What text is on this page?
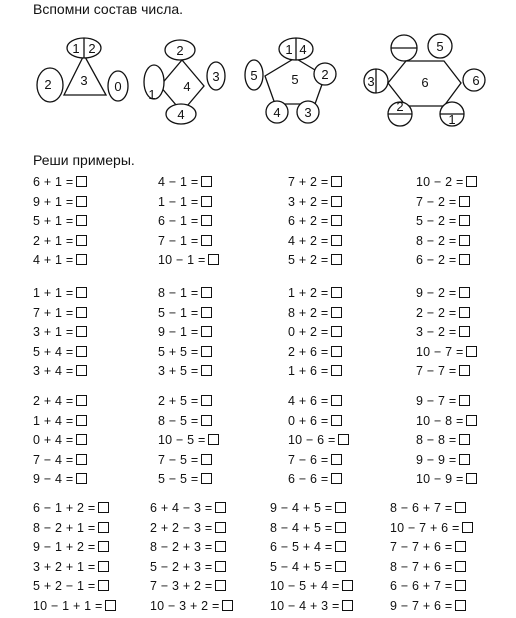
Вспомни состав числа.
3
1 2
2	0	4
2
3
4
1
5
1 4
2
3
4
5	6
5
6
1
2
3
Реши примеры.
6 + 1 =	4 − 1 =	7 + 2 =	10 − 2 =
9 + 1 =	1 − 1 =	3 + 2 =	7 − 2 =
5 + 1 =	6 − 1 =	6 + 2 =	5 − 2 =
2 + 1 =	7 − 1 =	4 + 2 =	8 − 2 =
4 + 1 =	10 − 1 =	5 + 2 =	6 − 2 =
1 + 1 =	8 − 1 =	1 + 2 =	9 − 2 =
7 + 1 =	5 − 1 =	8 + 2 =	2 − 2 =
3 + 1 =	9 − 1 =	0 + 2 =	3 − 2 =
5 + 4 =	5 + 5 =	2 + 6 =	10 − 7 =
3 + 4 =	3 + 5 =	1 + 6 =	7 − 7 =
2 + 4 =	2 + 5 =	4 + 6 =	9 − 7 =
1 + 4 =	8 − 5 =	0 + 6 =	10 − 8 =
0 + 4 =	10 − 5 =	10 − 6 =	8 − 8 =
7 − 4 =	7 − 5 =	7 − 6 =	9 − 9 =
9 − 4 =	5 − 5 =	6 − 6 =	10 − 9 =
6 − 1 + 2 =	6 + 4 − 3 =	9 − 4 + 5 =	8 − 6 + 7 =
8 − 2 + 1 =	2 + 2 − 3 =	8 − 4 + 5 =	10 − 7 + 6 =
9 − 1 + 2 =	8 − 2 + 3 =	6 − 5 + 4 =	7 − 7 + 6 =
3 + 2 + 1 =	5 − 2 + 3 =	5 − 4 + 5 =	8 − 7 + 6 =
5 + 2 − 1 =	7 − 3 + 2 =	10 − 5 + 4 =	6 − 6 + 7 =
10 − 1 + 1 =	10 − 3 + 2 =	10 − 4 + 3 =	9 − 7 + 6 =
